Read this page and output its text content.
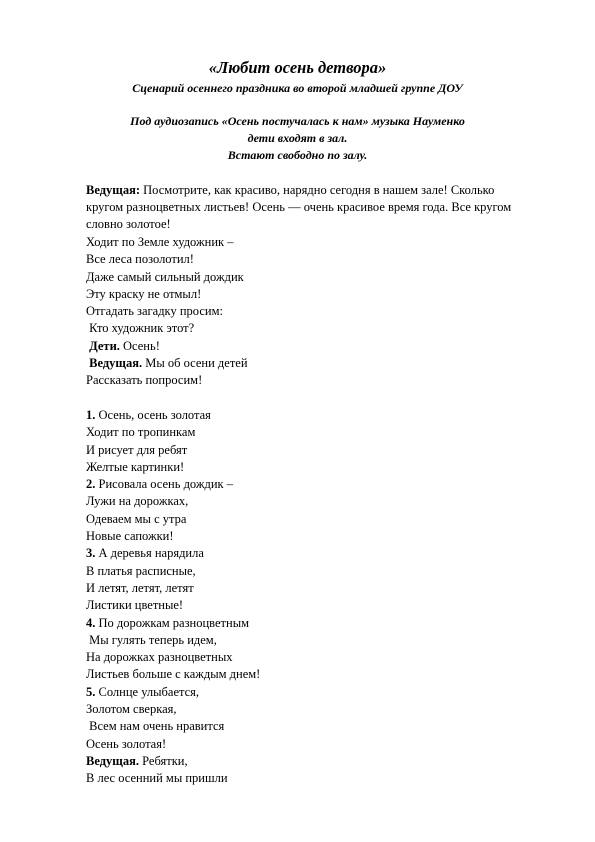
«Любит осень детвора»
Сценарий осеннего праздника во второй младшей группе ДОУ
Под аудиозапись «Осень постучалась к нам» музыка Науменко
дети входят в зал.
Встают свободно по залу.
Ведущая: Посмотрите, как красиво, нарядно сегодня в нашем зале! Сколько кругом разноцветных листьев! Осень — очень красивое время года. Все кругом словно золотое!
Ходит по Земле художник –
Все леса позолотил!
Даже самый сильный дождик
Эту краску не отмыл!
Отгадать загадку просим:
Кто художник этот?
Дети. Осень!
Ведущая. Мы об осени детей
Рассказать попросим!
1. Осень, осень золотая
Ходит по тропинкам
И рисует для ребят
Желтые картинки!
2. Рисовала осень дождик –
Лужи на дорожках,
Одеваем мы с утра
Новые сапожки!
3. А деревья нарядила
В платья расписные,
И летят, летят, летят
Листики цветные!
4. По дорожкам разноцветным
Мы гулять теперь идем,
На дорожках разноцветных
Листьев больше с каждым днем!
5. Солнце улыбается,
Золотом сверкая,
Всем нам очень нравится
Осень золотая!
Ведущая. Ребятки,
В лес осенний мы пришли
